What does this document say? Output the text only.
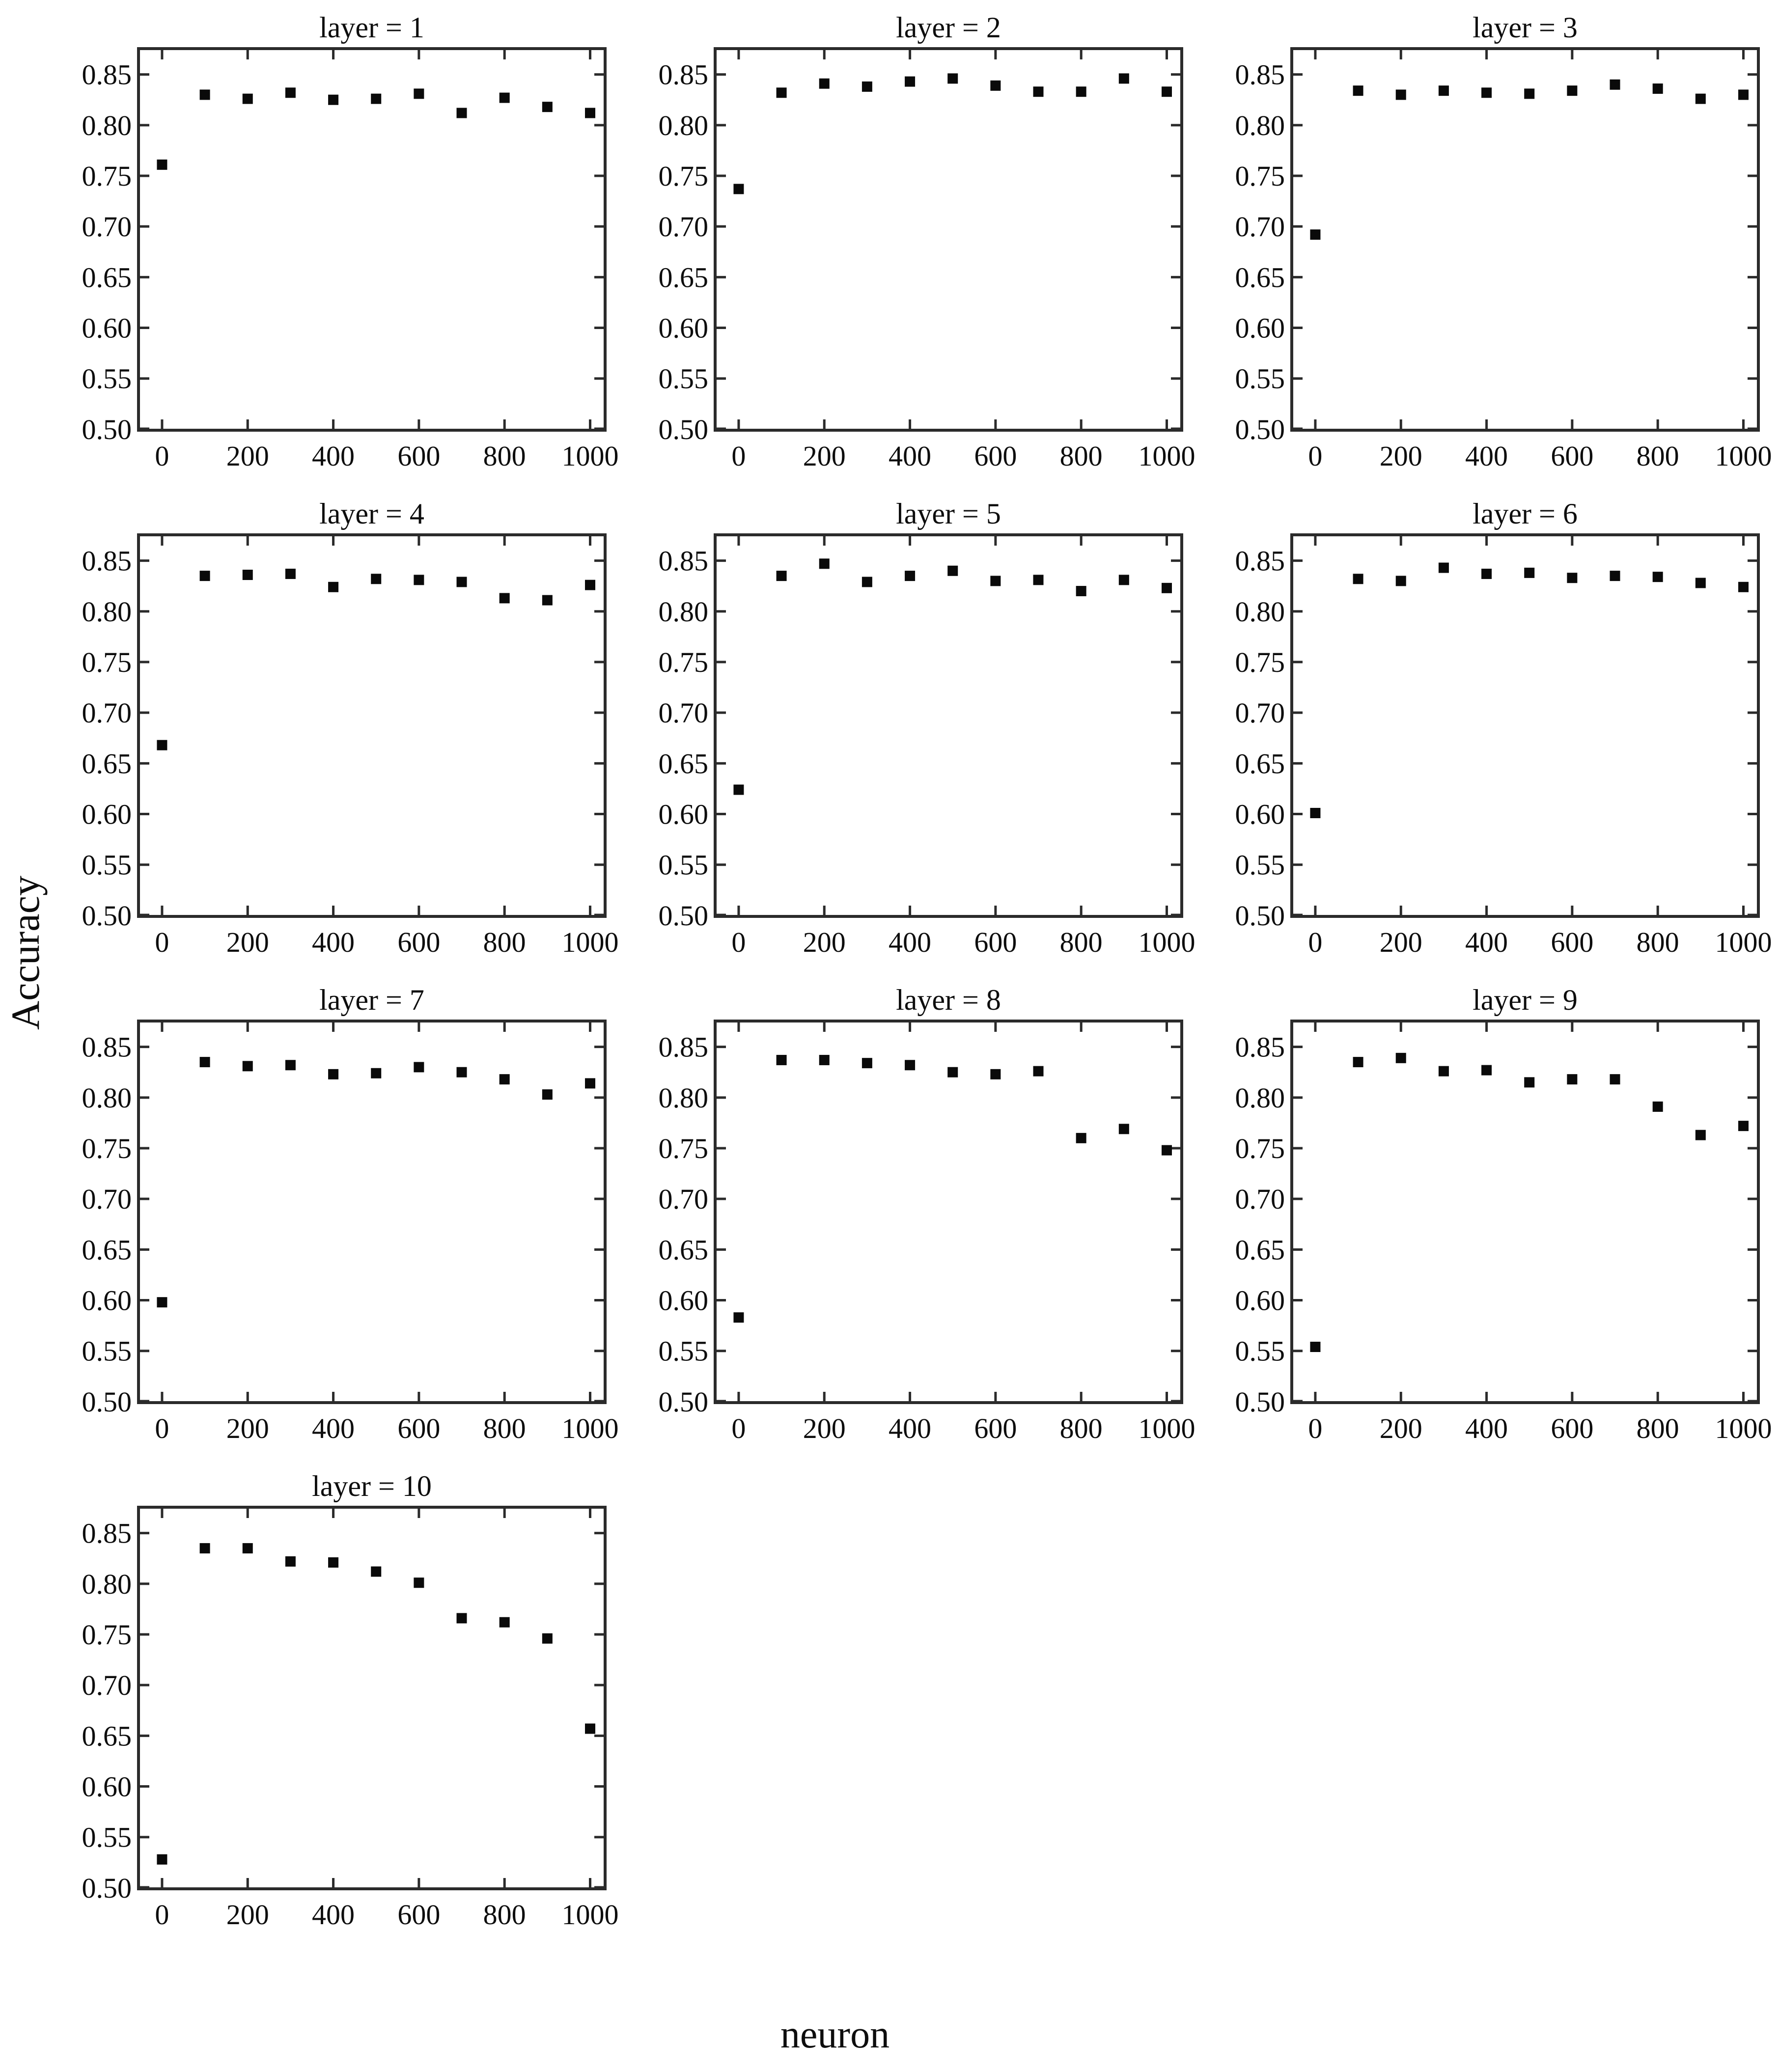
Accuracy
layer = 1
0 200 400 600 800 1000
0.50
0.55
0.60
0.65
0.70
0.75
0.80
0.85
layer = 2
0 200 400 600 800 1000
0.50
0.55
0.60
0.65
0.70
0.75
0.80
0.85
layer = 3
0 200 400 600 800 1000
0.50
0.55
0.60
0.65
0.70
0.75
0.80
0.85
layer = 4
0 200 400 600 800 1000
0.50
0.55
0.60
0.65
0.70
0.75
0.80
0.85
layer = 5
0 200 400 600 800 1000
0.50
0.55
0.60
0.65
0.70
0.75
0.80
0.85
layer = 6
0 200 400 600 800 1000
0.50
0.55
0.60
0.65
0.70
0.75
0.80
0.85
layer = 7
0 200 400 600 800 1000
0.50
0.55
0.60
0.65
0.70
0.75
0.80
0.85
layer = 8
0 200 400 600 800 1000
0.50
0.55
0.60
0.65
0.70
0.75
0.80
0.85
layer = 9
0 200 400 600 800 1000
0.50
0.55
0.60
0.65
0.70
0.75
0.80
0.85
layer = 10
0 200 400 600 800 1000
0.50
0.55
0.60
0.65
0.70
0.75
0.80
0.85
neuron
